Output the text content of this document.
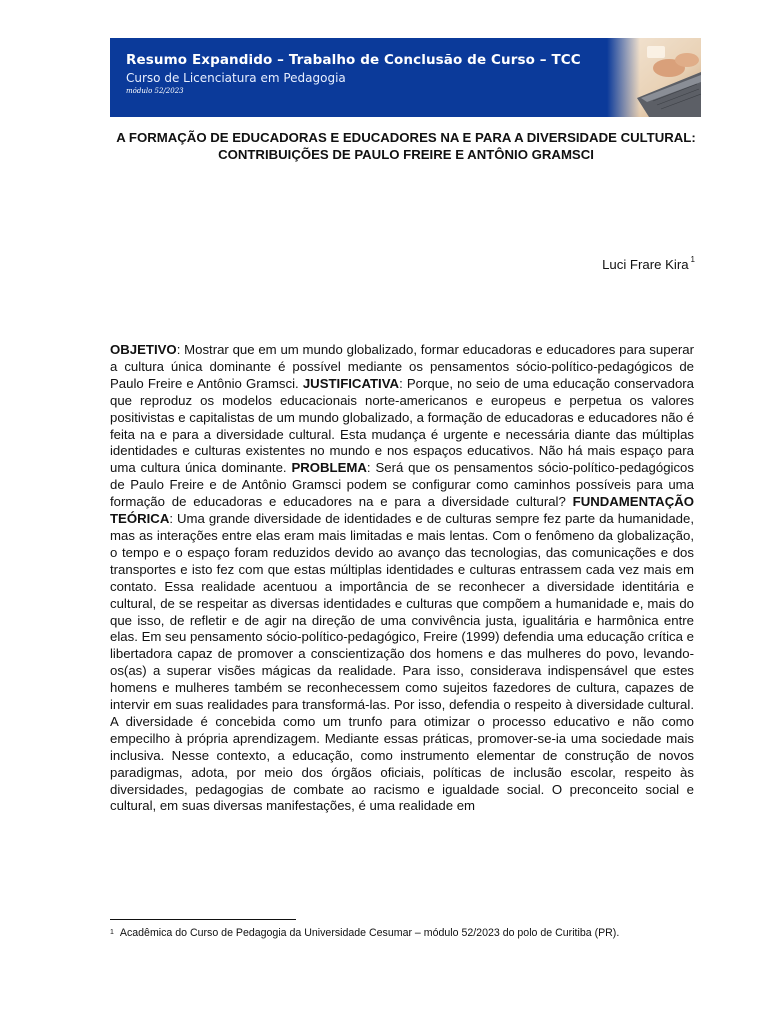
Resumo Expandido – Trabalho de Conclusão de Curso – TCC
Curso de Licenciatura em Pedagogia
módulo 52/2023
A FORMAÇÃO DE EDUCADORAS E EDUCADORES NA E PARA A DIVERSIDADE CULTURAL: CONTRIBUIÇÕES DE PAULO FREIRE E ANTÔNIO GRAMSCI
Luci Frare Kira $^1$
OBJETIVO: Mostrar que em um mundo globalizado, formar educadoras e educadores para superar a cultura única dominante é possível mediante os pensamentos sócio-político-pedagógicos de Paulo Freire e Antônio Gramsci. JUSTIFICATIVA: Porque, no seio de uma educação conservadora que reproduz os modelos educacionais norte-americanos e europeus e perpetua os valores positivistas e capitalistas de um mundo globalizado, a formação de educadoras e educadores não é feita na e para a diversidade cultural. Esta mudança é urgente e necessária diante das múltiplas identidades e culturas existentes no mundo e nos espaços educativos. Não há mais espaço para uma cultura única dominante. PROBLEMA: Será que os pensamentos sócio-político-pedagógicos de Paulo Freire e de Antônio Gramsci podem se configurar como caminhos possíveis para uma formação de educadoras e educadores na e para a diversidade cultural? FUNDAMENTAÇÃO TEÓRICA: Uma grande diversidade de identidades e de culturas sempre fez parte da humanidade, mas as interações entre elas eram mais limitadas e mais lentas. Com o fenômeno da globalização, o tempo e o espaço foram reduzidos devido ao avanço das tecnologias, das comunicações e dos transportes e isto fez com que estas múltiplas identidades e culturas entrassem cada vez mais em contato. Essa realidade acentuou a importância de se reconhecer a diversidade identitária e cultural, de se respeitar as diversas identidades e culturas que compõem a humanidade e, mais do que isso, de refletir e de agir na direção de uma convivência justa, igualitária e harmônica entre elas. Em seu pensamento sócio-político-pedagógico, Freire (1999) defendia uma educação crítica e libertadora capaz de promover a conscientização dos homens e das mulheres do povo, levando-os(as) a superar visões mágicas da realidade. Para isso, considerava indispensável que estes homens e mulheres também se reconhecessem como sujeitos fazedores de cultura, capazes de intervir em suas realidades para transformá-las. Por isso, defendia o respeito à diversidade cultural. A diversidade é concebida como um trunfo para otimizar o processo educativo e não como empecilho à própria aprendizagem. Mediante essas práticas, promover-se-ia uma sociedade mais inclusiva. Nesse contexto, a educação, como instrumento elementar de construção de novos paradigmas, adota, por meio dos órgãos oficiais, políticas de inclusão escolar, respeito às diversidades, pedagogias de combate ao racismo e igualdade social. O preconceito social e cultural, em suas diversas manifestações, é uma realidade em
$^1$ Acadêmica do Curso de Pedagogia da Universidade Cesumar – módulo 52/2023 do polo de Curitiba (PR).
